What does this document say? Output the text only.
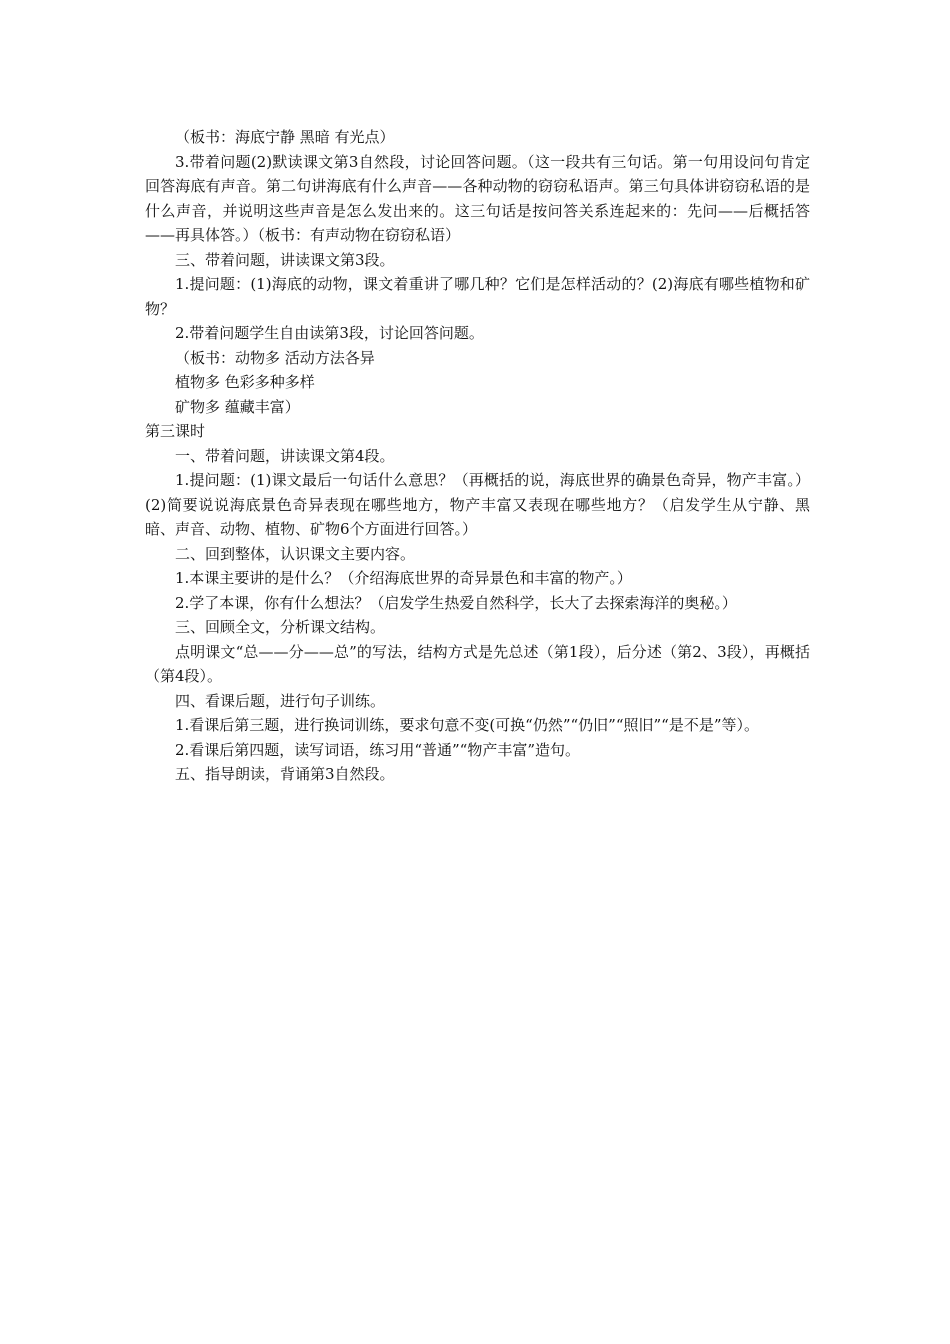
（板书：海底宁静 黑暗 有光点）

3.带着问题(2)默读课文第3自然段，讨论回答问题。（这一段共有三句话。第一句用设问句肯定回答海底有声音。第二句讲海底有什么声音——各种动物的窃窃私语声。第三句具体讲窃窃私语的是什么声音，并说明这些声音是怎么发出来的。这三句话是按问答关系连起来的：先问——后概括答——再具体答。）（板书：有声动物在窃窃私语）

三、带着问题，讲读课文第3段。

1.提问题：(1)海底的动物，课文着重讲了哪几种？它们是怎样活动的？(2)海底有哪些植物和矿物？

2.带着问题学生自由读第3段，讨论回答问题。

（板书：动物多 活动方法各异

植物多 色彩多种多样

矿物多 蕴藏丰富）

第三课时

一、带着问题，讲读课文第4段。

1.提问题：(1)课文最后一句话什么意思？（再概括的说，海底世界的确景色奇异，物产丰富。）(2)简要说说海底景色奇异表现在哪些地方，物产丰富又表现在哪些地方？（启发学生从宁静、黑暗、声音、动物、植物、矿物6个方面进行回答。）

二、回到整体，认识课文主要内容。

1.本课主要讲的是什么？（介绍海底世界的奇异景色和丰富的物产。）

2.学了本课，你有什么想法？（启发学生热爱自然科学，长大了去探索海洋的奥秘。）

三、回顾全文，分析课文结构。

点明课文“总——分——总”的写法，结构方式是先总述（第1段），后分述（第2、3段），再概括（第4段）。

四、看课后题，进行句子训练。

1.看课后第三题，进行换词训练，要求句意不变(可换“仍然”“仍旧”“照旧”“是不是”等）。

2.看课后第四题，读写词语，练习用“普通”“物产丰富”造句。

五、指导朗读，背诵第3自然段。
